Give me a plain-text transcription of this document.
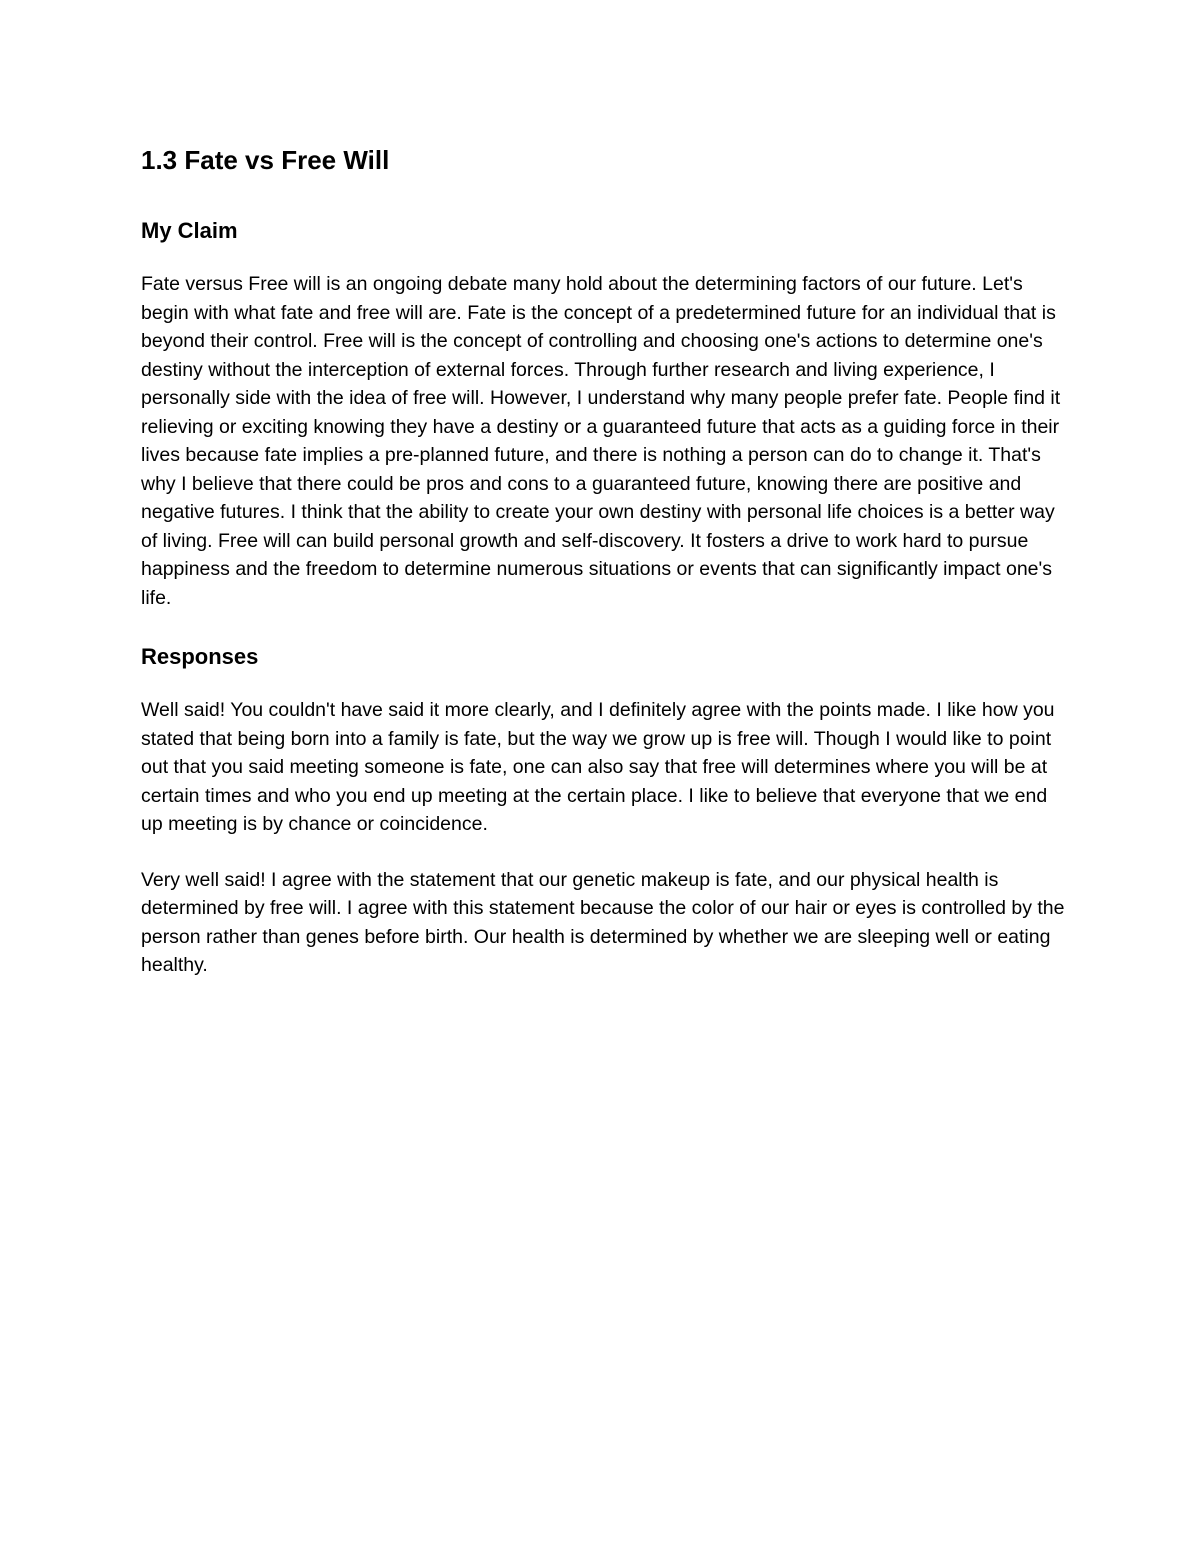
1.3 Fate vs Free Will
My Claim

Fate versus Free will is an ongoing debate many hold about the determining factors of our future. Let's begin with what fate and free will are. Fate is the concept of a predetermined future for an individual that is beyond their control. Free will is the concept of controlling and choosing one's actions to determine one's destiny without the interception of external forces. Through further research and living experience, I personally side with the idea of free will. However, I understand why many people prefer fate. People find it relieving or exciting knowing they have a destiny or a guaranteed future that acts as a guiding force in their lives because fate implies a pre-planned future, and there is nothing a person can do to change it. That's why I believe that there could be pros and cons to a guaranteed future, knowing there are positive and negative futures. I think that the ability to create your own destiny with personal life choices is a better way of living. Free will can build personal growth and self-discovery. It fosters a drive to work hard to pursue happiness and the freedom to determine numerous situations or events that can significantly impact one's life.

Responses

Well said! You couldn't have said it more clearly, and I definitely agree with the points made. I like how you stated that being born into a family is fate, but the way we grow up is free will. Though I would like to point out that you said meeting someone is fate, one can also say that free will determines where you will be at certain times and who you end up meeting at the certain place. I like to believe that everyone that we end up meeting is by chance or coincidence.

Very well said! I agree with the statement that our genetic makeup is fate, and our physical health is determined by free will. I agree with this statement because the color of our hair or eyes is controlled by the person rather than genes before birth. Our health is determined by whether we are sleeping well or eating healthy.
